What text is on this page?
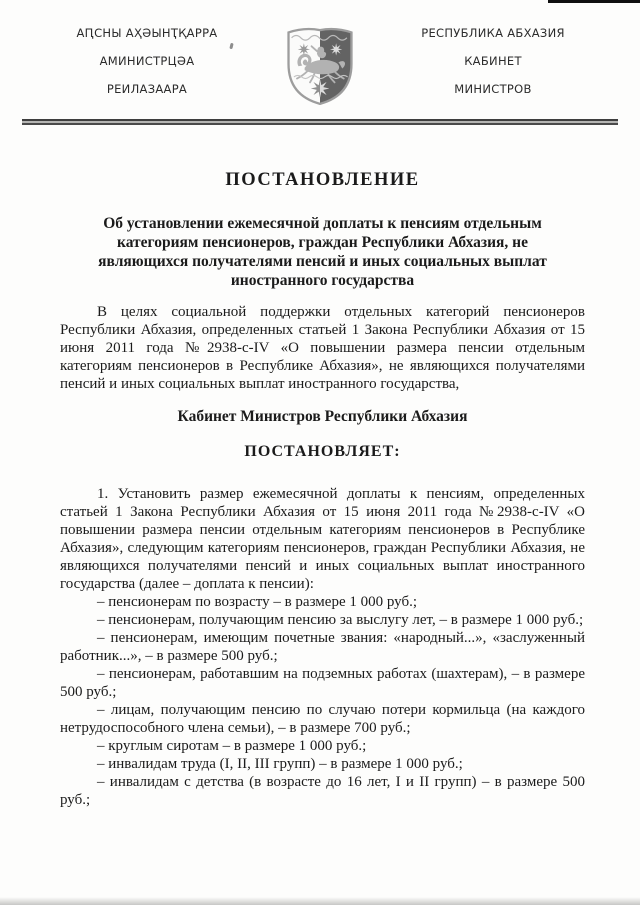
АԤСНЫ АҲӘЫНҬҚАРРА
АМИНИСТРЦӘА
РЕИЛАЗААРА
РЕСПУБЛИКА АБХАЗИЯ
КАБИНЕТ
МИНИСТРОВ
ПОСТАНОВЛЕНИЕ
Об установлении ежемесячной доплаты к пенсиям отдельным категориям пенсионеров, граждан Республики Абхазия, не являющихся получателями пенсий и иных социальных выплат иностранного государства

В целях социальной поддержки отдельных категорий пенсионеров Республики Абхазия, определенных статьей 1 Закона Республики Абхазия от 15 июня 2011 года №2938-с-IV «О повышении размера пенсии отдельным категориям пенсионеров в Республике Абхазия», не являющихся получателями пенсий и иных социальных выплат иностранного государства,

Кабинет Министров Республики Абхазия

ПОСТАНОВЛЯЕТ:

1. Установить размер ежемесячной доплаты к пенсиям, определенных статьей 1 Закона Республики Абхазия от 15 июня 2011 года №2938-с-IV «О повышении размера пенсии отдельным категориям пенсионеров в Республике Абхазия», следующим категориям пенсионеров, граждан Республики Абхазия, не являющихся получателями пенсий и иных социальных выплат иностранного государства (далее – доплата к пенсии):

– пенсионерам по возрасту – в размере 1 000 руб.;

– пенсионерам, получающим пенсию за выслугу лет, – в размере 1 000 руб.;

– пенсионерам, имеющим почетные звания: «народный...», «заслуженный работник...», – в размере 500 руб.;

– пенсионерам, работавшим на подземных работах (шахтерам), – в размере 500 руб.;

– лицам, получающим пенсию по случаю потери кормильца (на каждого нетрудоспособного члена семьи), – в размере 700 руб.;

– круглым сиротам – в размере 1 000 руб.;

– инвалидам труда (I, II, III групп) – в размере 1 000 руб.;

– инвалидам с детства (в возрасте до 16 лет, I и II групп) – в размере 500 руб.;
